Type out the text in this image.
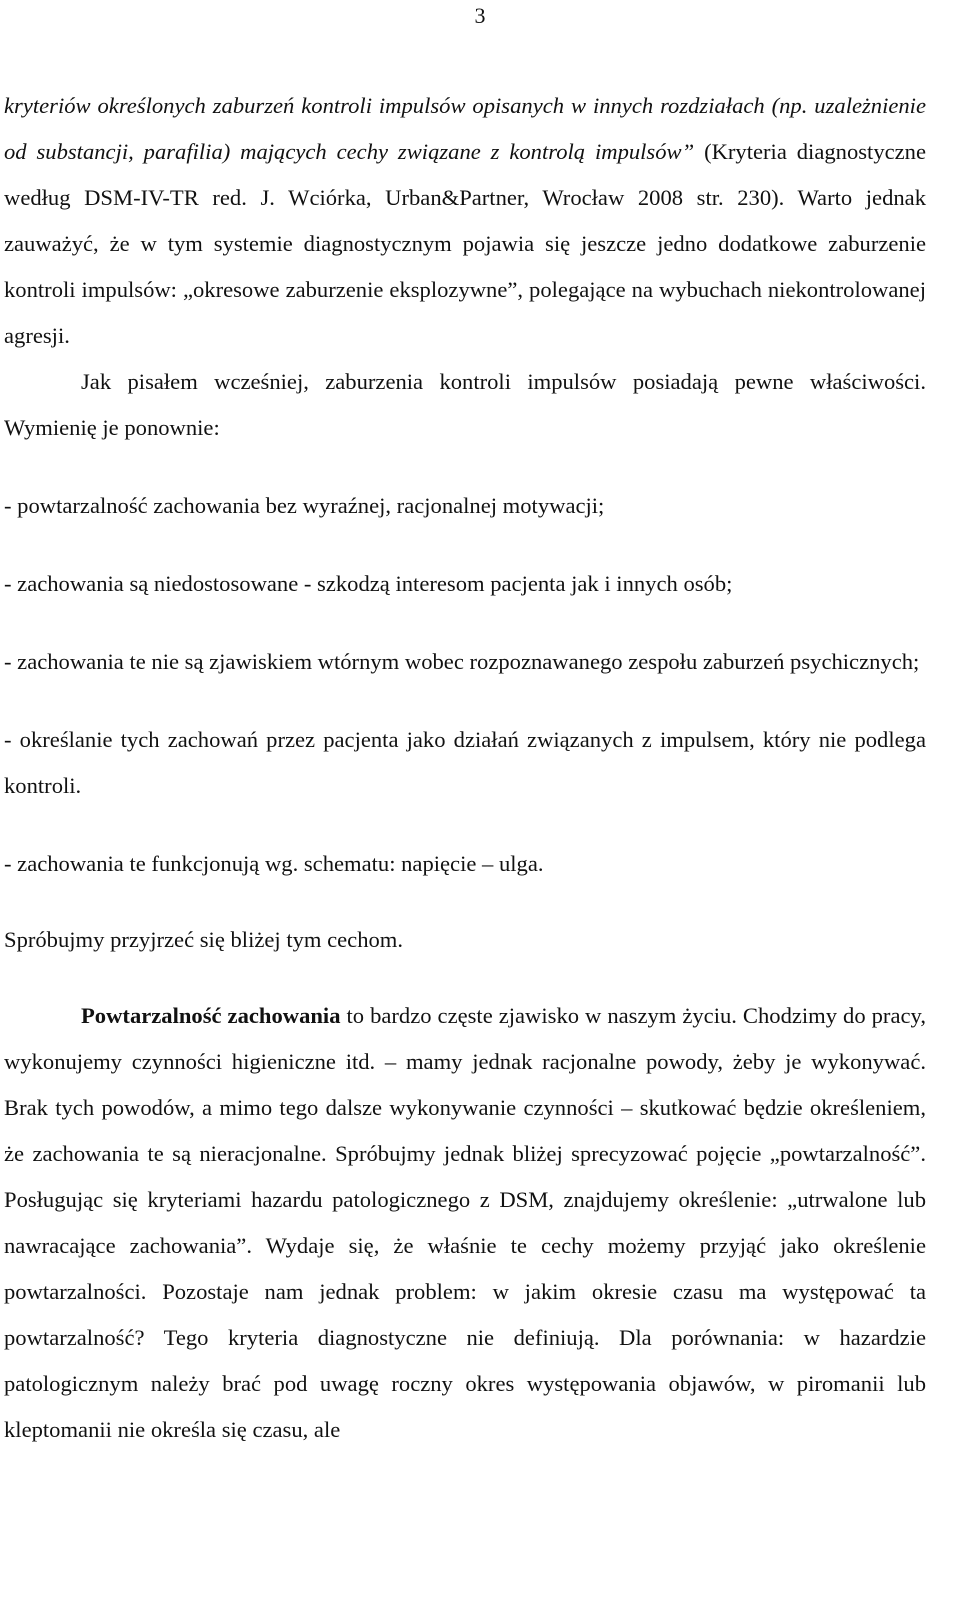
3

kryteriów określonych zaburzeń kontroli impulsów opisanych w innych rozdziałach (np. uzależnienie od substancji, parafilia) mających cechy związane z kontrolą impulsów” (Kryteria diagnostyczne według DSM-IV-TR red. J. Wciórka, Urban&Partner, Wrocław 2008 str. 230). Warto jednak zauważyć, że w tym systemie diagnostycznym pojawia się jeszcze jedno dodatkowe zaburzenie kontroli impulsów: „okresowe zaburzenie eksplozywne”, polegające na wybuchach niekontrolowanej agresji.

Jak pisałem wcześniej, zaburzenia kontroli impulsów posiadają pewne właściwości. Wymienię je ponownie:

- powtarzalność zachowania bez wyraźnej, racjonalnej motywacji;

- zachowania są niedostosowane - szkodzą interesom pacjenta jak i innych osób;

- zachowania te nie są zjawiskiem wtórnym wobec rozpoznawanego zespołu zaburzeń psychicznych;

- określanie tych zachowań przez pacjenta jako działań związanych z impulsem, który nie podlega kontroli.

- zachowania te funkcjonują wg. schematu: napięcie – ulga.

Spróbujmy przyjrzeć się bliżej tym cechom.

Powtarzalność zachowania to bardzo częste zjawisko w naszym życiu. Chodzimy do pracy, wykonujemy czynności higieniczne itd. – mamy jednak racjonalne powody, żeby je wykonywać. Brak tych powodów, a mimo tego dalsze wykonywanie czynności – skutkować będzie określeniem, że zachowania te są nieracjonalne. Spróbujmy jednak bliżej sprecyzować pojęcie „powtarzalność”. Posługując się kryteriami hazardu patologicznego z DSM, znajdujemy określenie: „utrwalone lub nawracające zachowania”. Wydaje się, że właśnie te cechy możemy przyjąć jako określenie powtarzalności. Pozostaje nam jednak problem: w jakim okresie czasu ma występować ta powtarzalność? Tego kryteria diagnostyczne nie definiują. Dla porównania: w hazardzie patologicznym należy brać pod uwagę roczny okres występowania objawów, w piromanii lub kleptomanii nie określa się czasu, ale
